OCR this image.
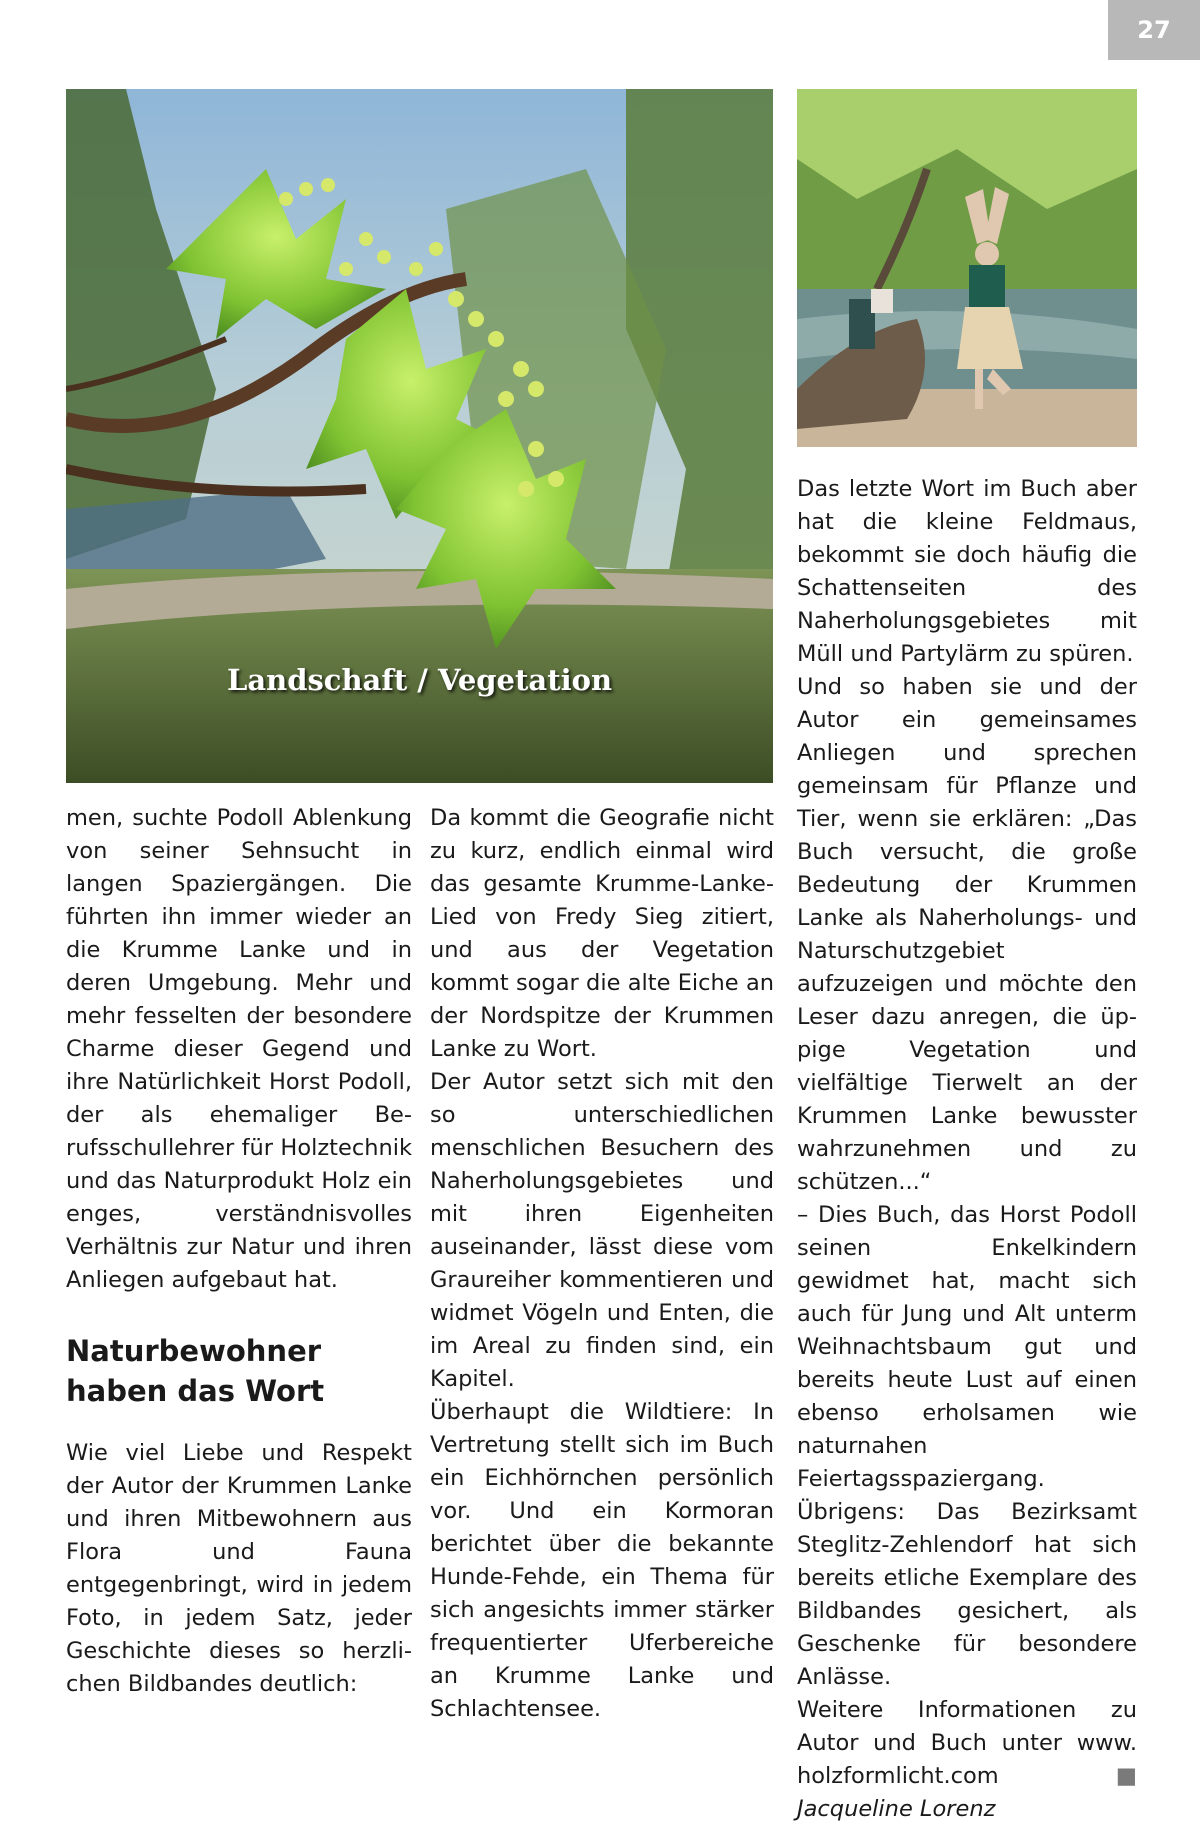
27
Landschaft / Vegetation

men, suchte Podoll Ablenkung von seiner Sehnsucht in langen Spaziergängen. Die führten ihn immer wieder an die Krumme Lanke und in deren Umgebung. Mehr und mehr fesselten der besondere Charme dieser Gegend und ihre Natürlichkeit Horst Podoll, der als ehemaliger Berufsschullehrer für Holztechnik und das Naturprodukt Holz ein enges, verständnisvolles Verhältnis zur Natur und ihren Anliegen aufgebaut hat.

Naturbewohner haben das Wort

Wie viel Liebe und Respekt der Autor der Krummen Lanke und ihren Mitbewohnern aus Flora und Fauna entgegenbringt, wird in jedem Foto, in jedem Satz, jeder Geschichte dieses so herzlichen Bildbandes deutlich:

Da kommt die Geografie nicht zu kurz, endlich einmal wird das gesamte Krumme-Lanke-Lied von Fredy Sieg zitiert, und aus der Vegetation kommt sogar die alte Eiche an der Nordspitze der Krummen Lanke zu Wort.

Der Autor setzt sich mit den so unterschiedlichen menschlichen Besuchern des Naherholungsgebietes und mit ihren Eigenheiten auseinander, lässt diese vom Graureiher kommentieren und widmet Vögeln und Enten, die im Areal zu finden sind, ein Kapitel.

Überhaupt die Wildtiere: In Vertretung stellt sich im Buch ein Eichhörnchen persönlich vor. Und ein Kormoran berichtet über die bekannte Hunde-Fehde, ein Thema für sich angesichts immer stärker frequentierter Uferbereiche an Krumme Lanke und Schlachtensee.

Das letzte Wort im Buch aber hat die kleine Feldmaus, bekommt sie doch häufig die Schattenseiten des Naherholungsgebietes mit Müll und Partylärm zu spüren.

Und so haben sie und der Autor ein gemeinsames Anliegen und sprechen gemeinsam für Pflanze und Tier, wenn sie erklären: „Das Buch versucht, die große Bedeutung der Krummen Lanke als Naherholungs- und Naturschutzgebiet aufzuzeigen und möchte den Leser dazu anregen, die üppige Vegetation und vielfältige Tierwelt an der Krummen Lanke bewusster wahrzunehmen und zu schützen...“

– Dies Buch, das Horst Podoll seinen Enkelkindern gewidmet hat, macht sich auch für Jung und Alt unterm Weihnachtsbaum gut und bereits heute Lust auf einen ebenso erholsamen wie naturnahen Feiertagsspaziergang.

Übrigens: Das Bezirksamt Steglitz-Zehlendorf hat sich bereits etliche Exemplare des Bildbandes gesichert, als Geschenke für besondere Anlässe.

Weitere Informationen zu Autor und Buch unter www. holzformlicht.com	■

Jacqueline Lorenz
